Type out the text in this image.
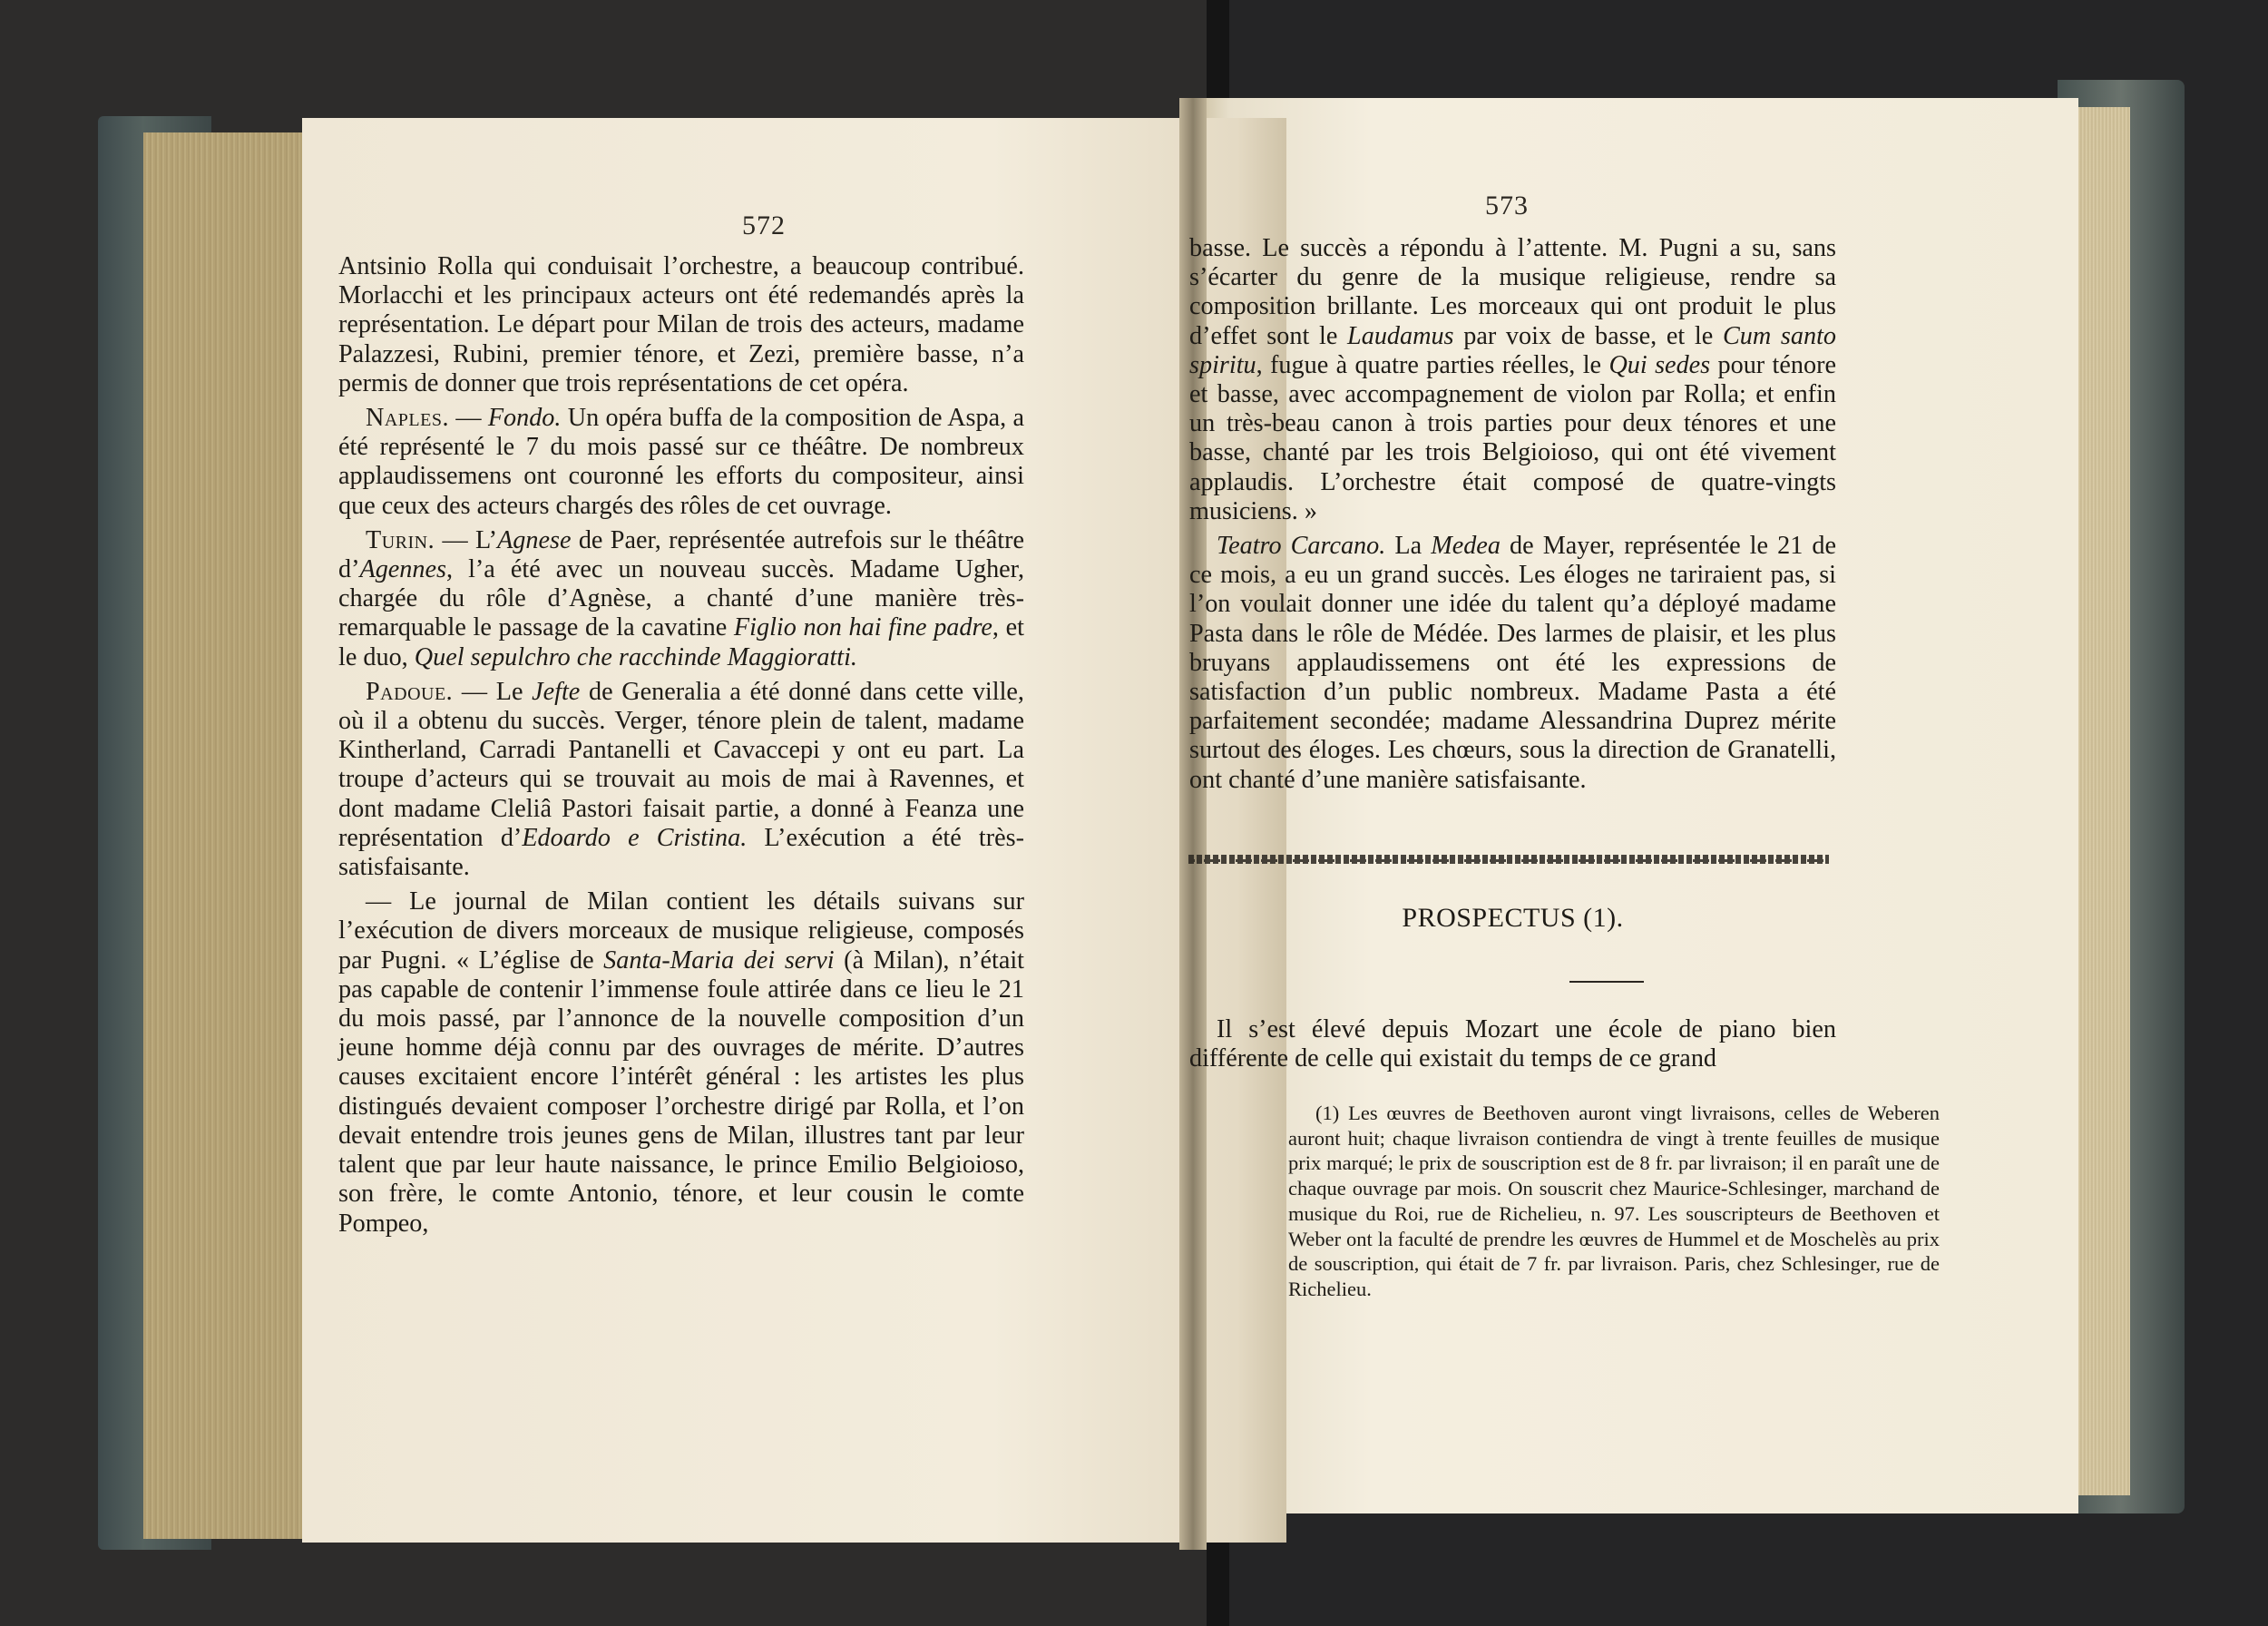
572
573

Antsinio Rolla qui conduisait l’orchestre, a beaucoup contribué. Morlacchi et les principaux acteurs ont été redemandés après la représentation. Le départ pour Milan de trois des acteurs, madame Palazzesi, Rubini, premier ténore, et Zezi, première basse, n’a permis de donner que trois représentations de cet opéra.

Naples. — Fondo. Un opéra buffa de la composition de Aspa, a été représenté le 7 du mois passé sur ce théâtre. De nombreux applaudissemens ont couronné les efforts du compositeur, ainsi que ceux des acteurs chargés des rôles de cet ouvrage.

Turin. — L’Agnese de Paer, représentée autrefois sur le théâtre d’Agennes, l’a été avec un nouveau succès. Madame Ugher, chargée du rôle d’Agnèse, a chanté d’une manière très-remarquable le passage de la cavatine Figlio non hai fine padre, et le duo, Quel sepulchro che racchinde Maggioratti.

Padoue. — Le Jefte de Generalia a été donné dans cette ville, où il a obtenu du succès. Verger, ténore plein de talent, madame Kintherland, Carradi Pantanelli et Cavaccepi y ont eu part. La troupe d’acteurs qui se trouvait au mois de mai à Ravennes, et dont madame Cleliâ Pastori faisait partie, a donné à Feanza une représentation d’Edoardo e Cristina. L’exécution a été très-satisfaisante.

— Le journal de Milan contient les détails suivans sur l’exécution de divers morceaux de musique religieuse, composés par Pugni. « L’église de Santa-Maria dei servi (à Milan), n’était pas capable de contenir l’immense foule attirée dans ce lieu le 21 du mois passé, par l’annonce de la nouvelle composition d’un jeune homme déjà connu par des ouvrages de mérite. D’autres causes excitaient encore l’intérêt général : les artistes les plus distingués devaient composer l’orchestre dirigé par Rolla, et l’on devait entendre trois jeunes gens de Milan, illustres tant par leur talent que par leur haute naissance, le prince Emilio Belgioioso, son frère, le comte Antonio, ténore, et leur cousin le comte Pompeo,

basse. Le succès a répondu à l’attente. M. Pugni a su, sans s’écarter du genre de la musique religieuse, rendre sa composition brillante. Les morceaux qui ont produit le plus d’effet sont le Laudamus par voix de basse, et le Cum santo spiritu, fugue à quatre parties réelles, le Qui sedes pour ténore et basse, avec accompagnement de violon par Rolla; et enfin un très-beau canon à trois parties pour deux ténores et une basse, chanté par les trois Belgioioso, qui ont été vivement applaudis. L’orchestre était composé de quatre-vingts musiciens. »

Teatro Carcano. La Medea de Mayer, représentée le 21 de ce mois, a eu un grand succès. Les éloges ne tariraient pas, si l’on voulait donner une idée du talent qu’a déployé madame Pasta dans le rôle de Médée. Des larmes de plaisir, et les plus bruyans applaudissemens ont été les expressions de satisfaction d’un public nombreux. Madame Pasta a été parfaitement secondée; madame Alessandrina Duprez mérite surtout des éloges. Les chœurs, sous la direction de Granatelli, ont chanté d’une manière satisfaisante.

PROSPECTUS (1).

Il s’est élevé depuis Mozart une école de piano bien différente de celle qui existait du temps de ce grand

(1) Les œuvres de Beethoven auront vingt livraisons, celles de Weberen auront huit; chaque livraison contiendra de vingt à trente feuilles de musique prix marqué; le prix de souscription est de 8 fr. par livraison; il en paraît une de chaque ouvrage par mois. On souscrit chez Maurice-Schlesinger, marchand de musique du Roi, rue de Richelieu, n. 97. Les souscripteurs de Beethoven et Weber ont la faculté de prendre les œuvres de Hummel et de Moschelès au prix de souscription, qui était de 7 fr. par livraison. Paris, chez Schlesinger, rue de Richelieu.
